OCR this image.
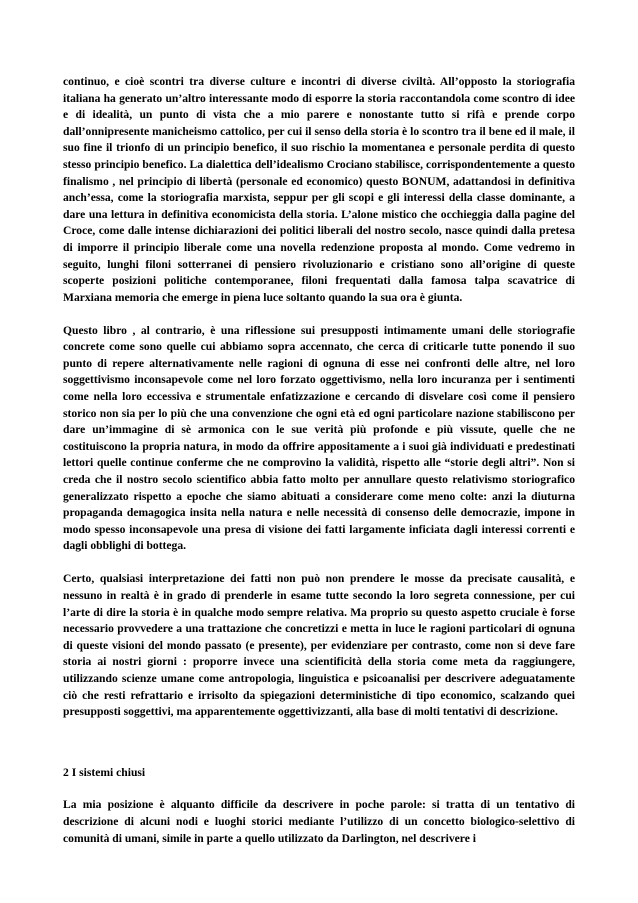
continuo, e cioè scontri tra diverse culture e incontri di diverse civiltà. All’opposto la storiografia italiana ha generato un’altro interessante modo di esporre la storia raccontandola come scontro di idee e di idealità, un punto di vista che a mio parere e nonostante tutto si rifà e prende corpo dall’onnipresente manicheismo cattolico, per cui il senso della storia è lo scontro tra il bene ed il male, il suo fine il trionfo di un principio benefico, il suo rischio la momentanea e personale perdita di questo stesso principio benefico. La dialettica dell’idealismo Crociano stabilisce, corrispondentemente a questo finalismo , nel principio di libertà (personale ed economico) questo BONUM, adattandosi in definitiva anch’essa, come la storiografia marxista, seppur per gli scopi e gli interessi della classe dominante, a dare una lettura in definitiva economicista della storia. L’alone mistico che occhieggia dalla pagine del Croce, come dalle intense dichiarazioni dei politici liberali del nostro secolo, nasce quindi dalla pretesa di imporre il principio liberale come una novella redenzione proposta al mondo. Come vedremo in seguito, lunghi filoni sotterranei di pensiero rivoluzionario e cristiano sono all’origine di queste scoperte posizioni politiche contemporanee, filoni frequentati dalla famosa talpa scavatrice di Marxiana memoria che emerge in piena luce soltanto quando la sua ora è giunta.

Questo libro , al contrario, è una riflessione sui presupposti intimamente umani delle storiografie concrete come sono quelle cui abbiamo sopra accennato, che cerca di criticarle tutte ponendo il suo punto di repere alternativamente nelle ragioni di ognuna di esse nei confronti delle altre, nel loro soggettivismo inconsapevole come nel loro forzato oggettivismo, nella loro incuranza per i sentimenti come nella loro eccessiva e strumentale enfatizzazione e cercando di disvelare così come il pensiero storico non sia per lo più che una convenzione che ogni età ed ogni particolare nazione stabiliscono per dare un’immagine di sè armonica con le sue verità più profonde e più vissute, quelle che ne costituiscono la propria natura, in modo da offrire appositamente a i suoi già individuati e predestinati lettori quelle continue conferme che ne comprovino la validità, rispetto alle “storie degli altri”. Non si creda che il nostro secolo scientifico abbia fatto molto per annullare questo relativismo storiografico generalizzato rispetto a epoche che siamo abituati a considerare come meno colte: anzi la diuturna propaganda demagogica insita nella natura e nelle necessità di consenso delle democrazie, impone in modo spesso inconsapevole una presa di visione dei fatti largamente inficiata dagli interessi correnti e dagli obblighi di bottega.

Certo, qualsiasi interpretazione dei fatti non può non prendere le mosse da precisate causalità, e nessuno in realtà è in grado di prenderle in esame tutte secondo la loro segreta connessione, per cui l’arte di dire la storia è in qualche modo sempre relativa. Ma proprio su questo aspetto cruciale è forse necessario provvedere a una trattazione che concretizzi e metta in luce le ragioni particolari di ognuna di queste visioni del mondo passato (e presente), per evidenziare per contrasto, come non si deve fare storia ai nostri giorni : proporre invece una scientificità della storia come meta da raggiungere, utilizzando scienze umane come antropologia, linguistica e psicoanalisi per descrivere adeguatamente ciò che resti refrattario e irrisolto da spiegazioni deterministiche di tipo economico, scalzando quei presupposti soggettivi, ma apparentemente oggettivizzanti, alla base di molti tentativi di descrizione.

2 I sistemi chiusi

La mia posizione è alquanto difficile da descrivere in poche parole: si tratta di un tentativo di descrizione di alcuni nodi e luoghi storici mediante l’utilizzo di un concetto biologico-selettivo di comunità di umani, simile in parte a quello utilizzato da Darlington, nel descrivere i
